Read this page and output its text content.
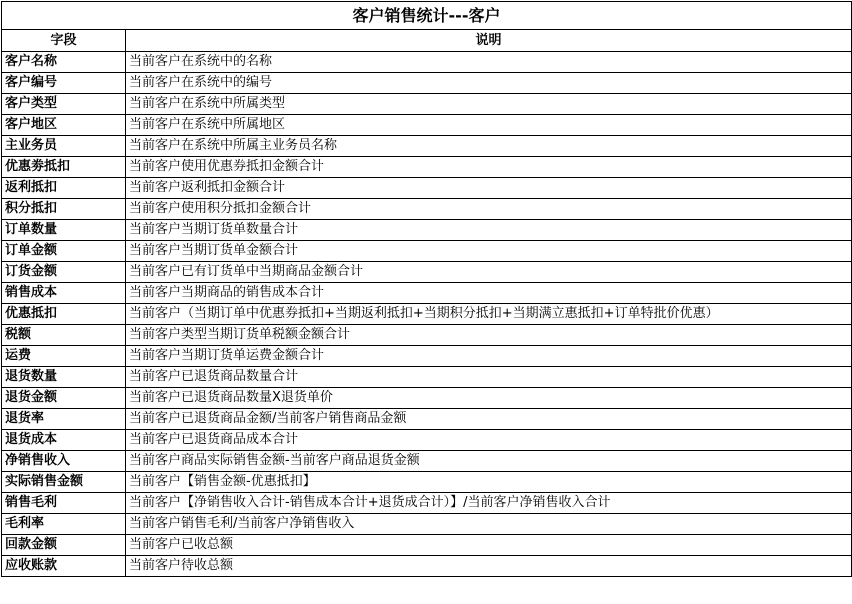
客户销售统计---客户	
字段	说明
客户名称	当前客户在系统中的名称
客户编号	当前客户在系统中的编号
客户类型	当前客户在系统中所属类型
客户地区	当前客户在系统中所属地区
主业务员	当前客户在系统中所属主业务员名称
优惠劵抵扣	当前客户使用优惠券抵扣金额合计
返利抵扣	当前客户返利抵扣金额合计
积分抵扣	当前客户使用积分抵扣金额合计
订单数量	当前客户当期订货单数量合计
订单金额	当前客户当期订货单金额合计
订货金额	当前客户已有订货单中当期商品金额合计
销售成本	当前客户当期商品的销售成本合计
优惠抵扣	当前客户（当期订单中优惠券抵扣+当期返利抵扣+当期积分抵扣+当期满立惠抵扣+订单特批价优惠）
税额	当前客户类型当期订货单税额金额合计
运费	当前客户当期订货单运费金额合计
退货数量	当前客户已退货商品数量合计
退货金额	当前客户已退货商品数量X退货单价
退货率	当前客户已退货商品金额/当前客户销售商品金额
退货成本	当前客户已退货商品成本合计
净销售收入	当前客户商品实际销售金额-当前客户商品退货金额
实际销售金额	当前客户【销售金额-优惠抵扣】
销售毛利	当前客户【净销售收入合计-销售成本合计+退货成合计）】/当前客户净销售收入合计
毛利率	当前客户销售毛利/当前客户净销售收入
回款金额	当前客户已收总额
应收账款	当前客户待收总额
